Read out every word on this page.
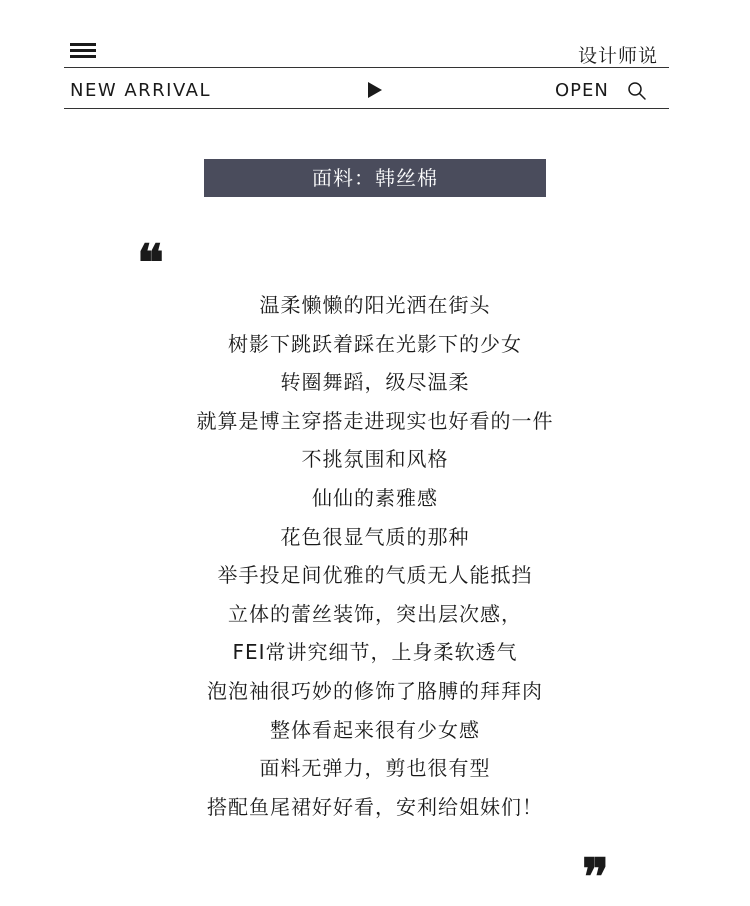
设计师说
NEW ARRIVAL	OPEN
面料：韩丝棉
❝
温柔懒懒的阳光洒在街头
树影下跳跃着踩在光影下的少女
转圈舞蹈，级尽温柔
就算是博主穿搭走进现实也好看的一件
不挑氛围和风格
仙仙的素雅感
花色很显气质的那种
举手投足间优雅的气质无人能抵挡
立体的蕾丝装饰，突出层次感，
FEI常讲究细节，上身柔软透气
泡泡袖很巧妙的修饰了胳膊的拜拜肉
整体看起来很有少女感
面料无弹力，剪也很有型
搭配鱼尾裙好好看，安利给姐妹们！
❞
